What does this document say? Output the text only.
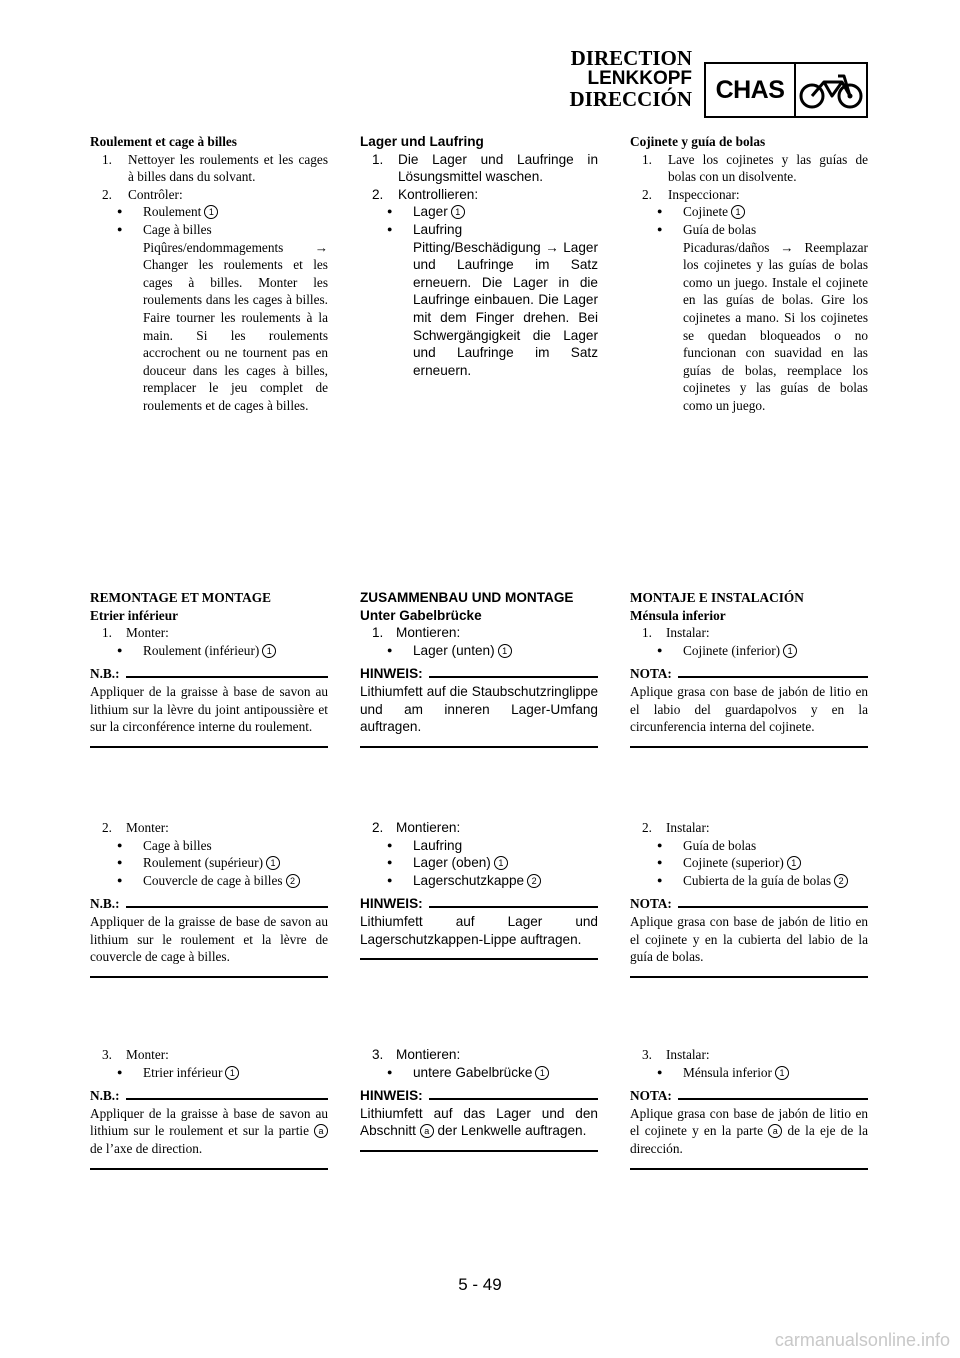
DIRECTION
LENKKOPF
DIRECCIÓN CHAS
Roulement et cage à billes
1.	Nettoyer les roulements et les cages à billes dans du solvant.
2.	Contrôler:
● Roulement 1
● Cage à billes
Piqûres/endommagements → Changer les roulements et les cages à billes. Monter les roulements dans les cages à billes. Faire tourner les roulements à la main. Si les roulements accrochent ou ne tournent pas en douceur dans les cages à billes, remplacer le jeu complet de roulements et de cages à billes.
Lager und Laufring
1.	Die Lager und Laufringe in Lösungsmittel waschen.
2.	Kontrollieren:
● Lager 1
● Laufring
Pitting/Beschädigung → Lager und Laufringe im Satz erneuern. Die Lager in die Laufringe einbauen. Die Lager mit dem Finger drehen. Bei Schwergängigkeit die Lager und Laufringe im Satz erneuern.
Cojinete y guía de bolas
1.	Lave los cojinetes y las guías de bolas con un disolvente.
2.	Inspeccionar:
● Cojinete 1
● Guía de bolas
Picaduras/daños → Reemplazar los cojinetes y las guías de bolas como un juego. Instale el cojinete en las guías de bolas. Gire los cojinetes a mano. Si los cojinetes se quedan bloqueados o no funcionan con suavidad en las guías de bolas, reemplace los cojinetes y las guías de bolas como un juego.
REMONTAGE ET MONTAGE
Etrier inférieur
1. Monter:
● Roulement (inférieur) 1
N.B.:
Appliquer de la graisse à base de savon au lithium sur la lèvre du joint antipoussière et sur la circonférence interne du roulement.
ZUSAMMENBAU UND MONTAGE
Unter Gabelbrücke
1. Montieren:
● Lager (unten) 1
HINWEIS:
Lithiumfett auf die Staubschutzringlippe und am inneren Lager-Umfang auftragen.
MONTAJE E INSTALACIÓN
Ménsula inferior
1. Instalar:
● Cojinete (inferior) 1
NOTA:
Aplique grasa con base de jabón de litio en el labio del guardapolvos y en la circunferencia interna del cojinete.
2. Monter:
● Cage à billes
● Roulement (supérieur) 1
● Couvercle de cage à billes 2
N.B.:
Appliquer de la graisse de base de savon au lithium sur le roulement et la lèvre de couvercle de cage à billes.
2. Montieren:
● Laufring
● Lager (oben) 1
● Lagerschutzkappe 2
HINWEIS:
Lithiumfett auf Lager und Lagerschutzkappen-Lippe auftragen.
2. Instalar:
● Guía de bolas
● Cojinete (superior) 1
● Cubierta de la guía de bolas 2
NOTA:
Aplique grasa con base de jabón de litio en el cojinete y en la cubierta del labio de la guía de bolas.
3. Monter:
● Etrier inférieur 1
N.B.:
Appliquer de la graisse à base de savon au lithium sur le roulement et sur la partie a de l’axe de direction.
3. Montieren:
● untere Gabelbrücke 1
HINWEIS:
Lithiumfett auf das Lager und den Abschnitt a der Lenkwelle auftragen.
3. Instalar:
● Ménsula inferior 1
NOTA:
Aplique grasa con base de jabón de litio en el cojinete y en la parte a de la eje de la dirección.
5 - 49
carmanualsonline.info
